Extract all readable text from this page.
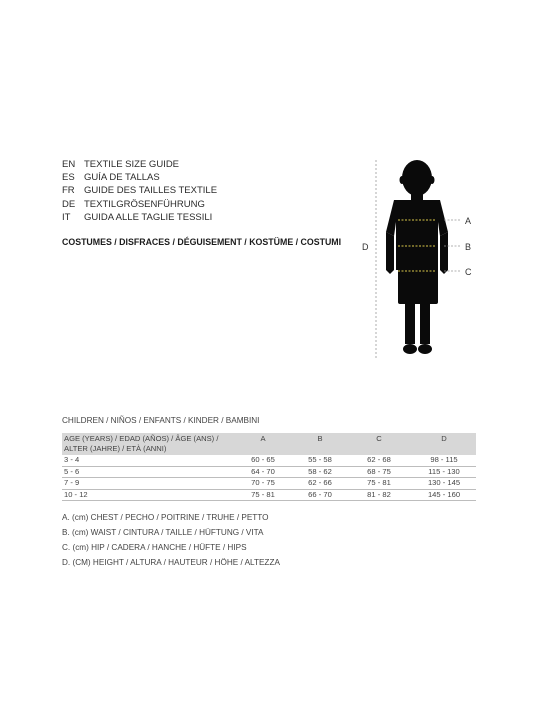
EN TEXTILE SIZE GUIDE
ES GUÍA DE TALLAS
FR GUIDE DES TAILLES TEXTILE
DE TEXTILGRÖSENFÜHRUNG
IT	GUIDA ALLE TAGLIE TESSILI
COSTUMES / DISFRACES / DÉGUISEMENT / KOSTÜME / COSTUMI
A
B
C
D
CHILDREN / NIÑOS / ENFANTS / KINDER / BAMBINI
AGE (YEARS) / EDAD (AÑOS) / ÂGE (ANS) /
ALTER (JAHRE) / ETÀ (ANNI)	A	B	C	D
3 - 4	60 - 65	55 - 58	62 - 68	98 - 115
5 - 6	64 - 70	58 - 62	68 - 75	115 - 130
7 - 9	70 - 75	62 - 66	75 - 81	130 - 145
10 - 12	75 - 81	66 - 70	81 - 82	145 - 160
A. (cm) CHEST / PECHO / POITRINE / TRUHE / PETTO
B. (cm) WAIST / CINTURA / TAILLE / HÜFTUNG / VITA
C. (cm) HIP / CADERA / HANCHE / HÜFTE / HIPS
D. (CM) HEIGHT / ALTURA / HAUTEUR / HÖHE / ALTEZZA
